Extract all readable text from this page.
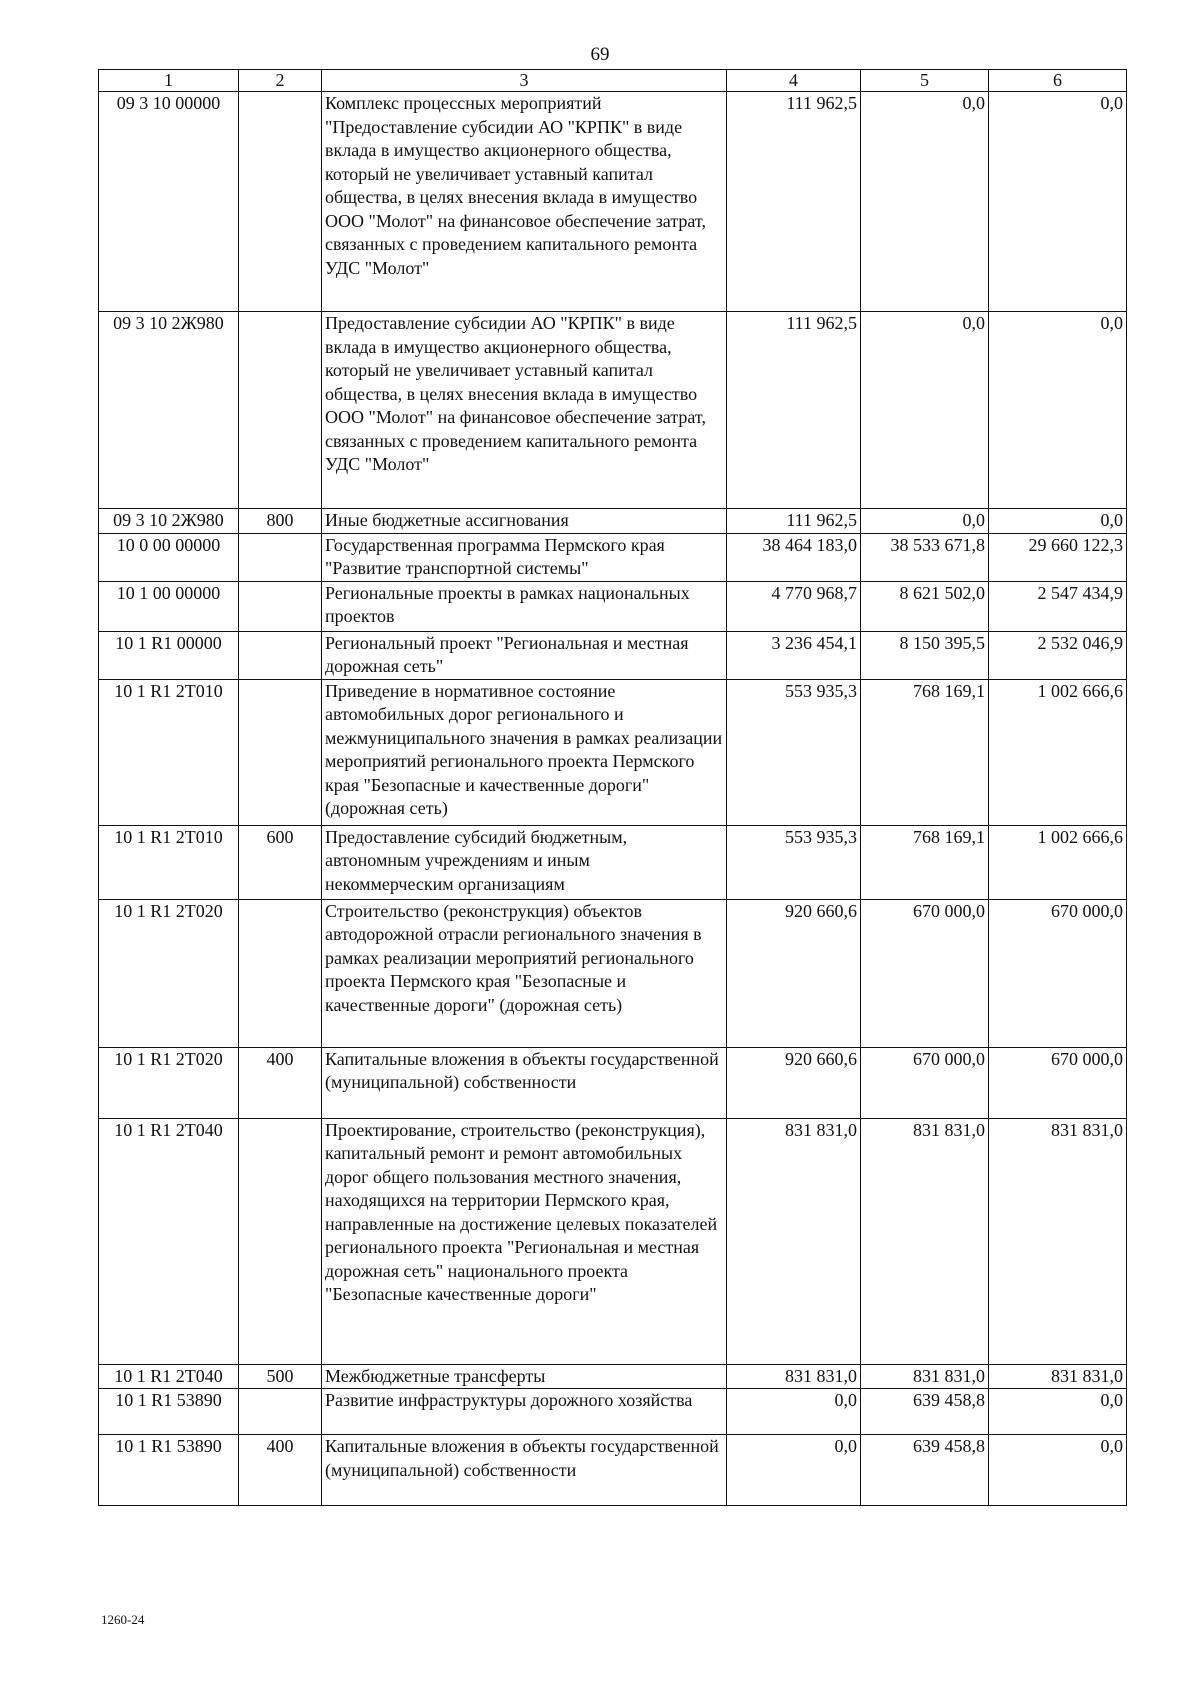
69
1	2	3	4	5	6
09 3 10 00000		Комплекс процессных мероприятий "Предоставление субсидии АО "КРПК" в виде вклада в имущество акционерного общества, который не увеличивает уставный капитал общества, в целях внесения вклада в имущество ООО "Молот" на финансовое обеспечение затрат, связанных с проведением капитального ремонта УДС "Молот"	111 962,5	0,0	0,0
09 3 10 2Ж980		Предоставление субсидии АО "КРПК" в виде вклада в имущество акционерного общества, который не увеличивает уставный капитал общества, в целях внесения вклада в имущество ООО "Молот" на финансовое обеспечение затрат, связанных с проведением капитального ремонта УДС "Молот"	111 962,5	0,0	0,0
09 3 10 2Ж980	800	Иные бюджетные ассигнования	111 962,5	0,0	0,0
10 0 00 00000		Государственная программа Пермского края "Развитие транспортной системы"	38 464 183,0	38 533 671,8	29 660 122,3
10 1 00 00000		Региональные проекты в рамках национальных проектов	4 770 968,7	8 621 502,0	2 547 434,9
10 1 R1 00000		Региональный проект "Региональная и местная дорожная сеть"	3 236 454,1	8 150 395,5	2 532 046,9
10 1 R1 2Т010		Приведение в нормативное состояние автомобильных дорог регионального и межмуниципального значения в рамках реализации мероприятий регионального проекта Пермского края "Безопасные и качественные дороги" (дорожная сеть)	553 935,3	768 169,1	1 002 666,6
10 1 R1 2Т010	600	Предоставление субсидий бюджетным, автономным учреждениям и иным некоммерческим организациям	553 935,3	768 169,1	1 002 666,6
10 1 R1 2Т020		Строительство (реконструкция) объектов автодорожной отрасли регионального значения в рамках реализации мероприятий регионального проекта Пермского края "Безопасные и качественные дороги" (дорожная сеть)	920 660,6	670 000,0	670 000,0
10 1 R1 2Т020	400	Капитальные вложения в объекты государственной (муниципальной) собственности	920 660,6	670 000,0	670 000,0
10 1 R1 2Т040		Проектирование, строительство (реконструкция), капитальный ремонт и ремонт автомобильных дорог общего пользования местного значения, находящихся на территории Пермского края, направленные на достижение целевых показателей регионального проекта "Региональная и местная дорожная сеть" национального проекта "Безопасные качественные дороги"	831 831,0	831 831,0	831 831,0
10 1 R1 2Т040	500	Межбюджетные трансферты	831 831,0	831 831,0	831 831,0
10 1 R1 53890		Развитие инфраструктуры дорожного хозяйства	0,0	639 458,8	0,0
10 1 R1 53890	400	Капитальные вложения в объекты государственной (муниципальной) собственности	0,0	639 458,8	0,0
1260-24
